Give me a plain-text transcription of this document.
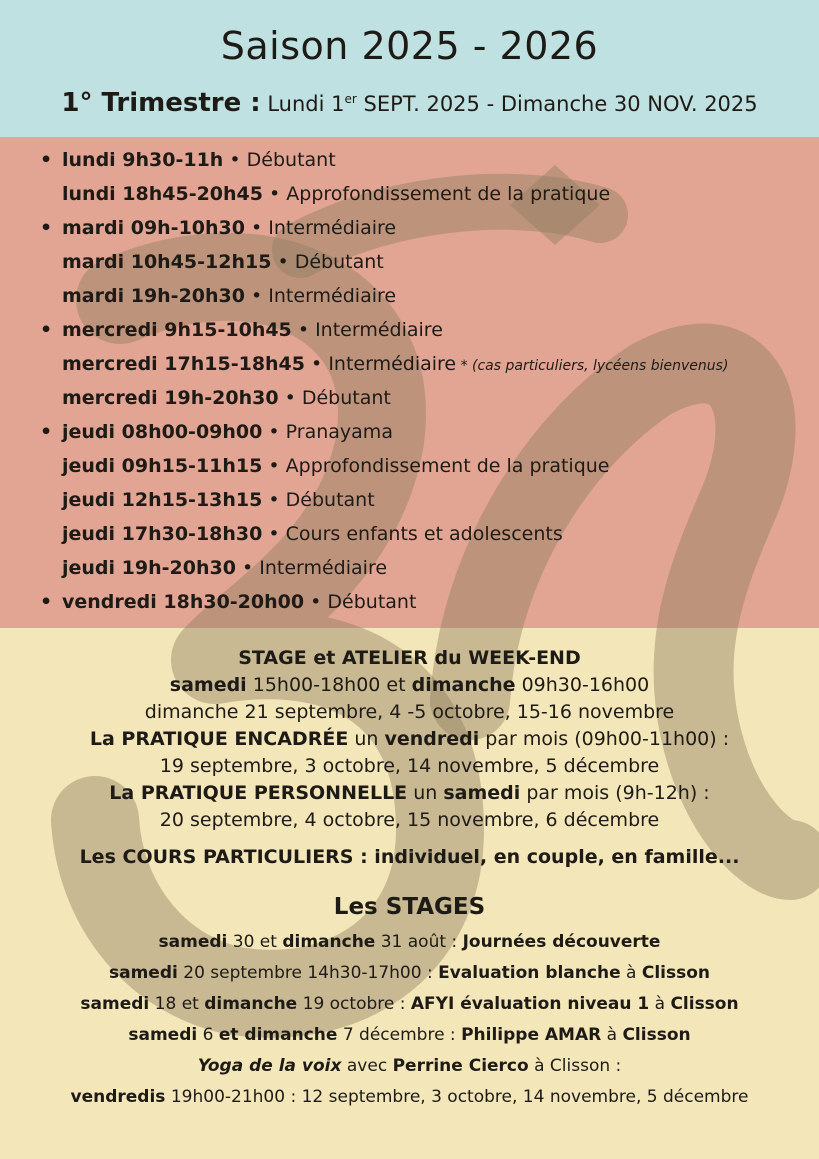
Saison 2025 - 2026
1° Trimestre : Lundi 1er SEPT. 2025 - Dimanche 30 NOV. 2025
• lundi 9h30-11h • Débutant
lundi 18h45-20h45 • Approfondissement de la pratique
• mardi 09h-10h30 • Intermédiaire
mardi 10h45-12h15 • Débutant
mardi 19h-20h30 • Intermédiaire
• mercredi 9h15-10h45 • Intermédiaire
mercredi 17h15-18h45 • Intermédiaire * (cas particuliers, lycéens bienvenus)
mercredi 19h-20h30 • Débutant
• jeudi 08h00-09h00 • Pranayama
jeudi 09h15-11h15 • Approfondissement de la pratique
jeudi 12h15-13h15 • Débutant
jeudi 17h30-18h30 • Cours enfants et adolescents
jeudi 19h-20h30 • Intermédiaire
• vendredi 18h30-20h00 • Débutant
STAGE et ATELIER du WEEK-END
samedi 15h00-18h00 et dimanche 09h30-16h00
dimanche 21 septembre, 4 -5 octobre, 15-16 novembre
La PRATIQUE ENCADRÉE un vendredi par mois (09h00-11h00) :
19 septembre, 3 octobre, 14 novembre, 5 décembre
La PRATIQUE PERSONNELLE un samedi par mois (9h-12h) :
20 septembre, 4 octobre, 15 novembre, 6 décembre
Les COURS PARTICULIERS : individuel, en couple, en famille...
Les STAGES
samedi 30 et dimanche 31 août : Journées découverte
samedi 20 septembre 14h30-17h00 : Evaluation blanche à Clisson
samedi 18 et dimanche 19 octobre : AFYI évaluation niveau 1 à Clisson
samedi 6 et dimanche 7 décembre : Philippe AMAR à Clisson
Yoga de la voix avec Perrine Cierco à Clisson :
vendredis 19h00-21h00 : 12 septembre, 3 octobre, 14 novembre, 5 décembre
